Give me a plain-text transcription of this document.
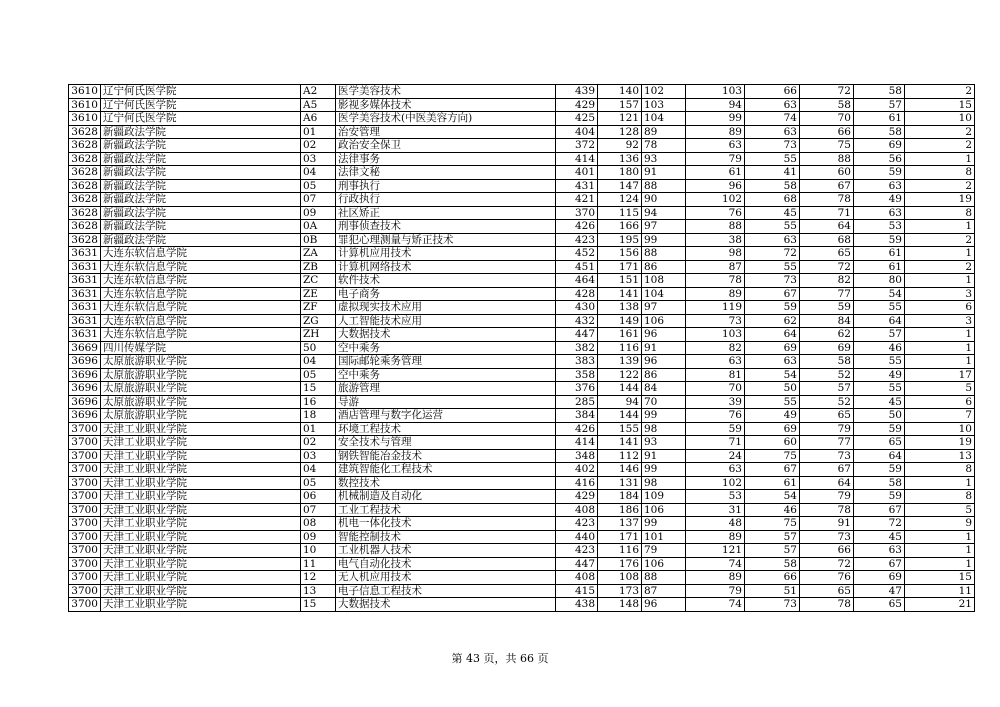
3610	辽宁何氏医学院	A2	医学美容技术	439	140	102	103	66	72	58	2
3610	辽宁何氏医学院	A5	影视多媒体技术	429	157	103	94	63	58	57	15
3610	辽宁何氏医学院	A6	医学美容技术(中医美容方向)	425	121	104	99	74	70	61	10
3628	新疆政法学院	01	治安管理	404	128	89	89	63	66	58	2
3628	新疆政法学院	02	政治安全保卫	372	92	78	63	73	75	69	2
3628	新疆政法学院	03	法律事务	414	136	93	79	55	88	56	1
3628	新疆政法学院	04	法律文秘	401	180	91	61	41	60	59	8
3628	新疆政法学院	05	刑事执行	431	147	88	96	58	67	63	2
3628	新疆政法学院	07	行政执行	421	124	90	102	68	78	49	19
3628	新疆政法学院	09	社区矫正	370	115	94	76	45	71	63	8
3628	新疆政法学院	0A	刑事侦查技术	426	166	97	88	55	64	53	1
3628	新疆政法学院	0B	罪犯心理测量与矫正技术	423	195	99	38	63	68	59	2
3631	大连东软信息学院	ZA	计算机应用技术	452	156	88	98	72	65	61	1
3631	大连东软信息学院	ZB	计算机网络技术	451	171	86	87	55	72	61	2
3631	大连东软信息学院	ZC	软件技术	464	151	108	78	73	82	80	1
3631	大连东软信息学院	ZE	电子商务	428	141	104	89	67	77	54	3
3631	大连东软信息学院	ZF	虚拟现实技术应用	430	138	97	119	59	59	55	6
3631	大连东软信息学院	ZG	人工智能技术应用	432	149	106	73	62	84	64	3
3631	大连东软信息学院	ZH	大数据技术	447	161	96	103	64	62	57	1
3669	四川传媒学院	50	空中乘务	382	116	91	82	69	69	46	1
3696	太原旅游职业学院	04	国际邮轮乘务管理	383	139	96	63	63	58	55	1
3696	太原旅游职业学院	05	空中乘务	358	122	86	81	54	52	49	17
3696	太原旅游职业学院	15	旅游管理	376	144	84	70	50	57	55	5
3696	太原旅游职业学院	16	导游	285	94	70	39	55	52	45	6
3696	太原旅游职业学院	18	酒店管理与数字化运营	384	144	99	76	49	65	50	7
3700	天津工业职业学院	01	环境工程技术	426	155	98	59	69	79	59	10
3700	天津工业职业学院	02	安全技术与管理	414	141	93	71	60	77	65	19
3700	天津工业职业学院	03	钢铁智能冶金技术	348	112	91	24	75	73	64	13
3700	天津工业职业学院	04	建筑智能化工程技术	402	146	99	63	67	67	59	8
3700	天津工业职业学院	05	数控技术	416	131	98	102	61	64	58	1
3700	天津工业职业学院	06	机械制造及自动化	429	184	109	53	54	79	59	8
3700	天津工业职业学院	07	工业工程技术	408	186	106	31	46	78	67	5
3700	天津工业职业学院	08	机电一体化技术	423	137	99	48	75	91	72	9
3700	天津工业职业学院	09	智能控制技术	440	171	101	89	57	73	45	1
3700	天津工业职业学院	10	工业机器人技术	423	116	79	121	57	66	63	1
3700	天津工业职业学院	11	电气自动化技术	447	176	106	74	58	72	67	1
3700	天津工业职业学院	12	无人机应用技术	408	108	88	89	66	76	69	15
3700	天津工业职业学院	13	电子信息工程技术	415	173	87	79	51	65	47	11
3700	天津工业职业学院	15	大数据技术	438	148	96	74	73	78	65	21
第 43 页，共 66 页
